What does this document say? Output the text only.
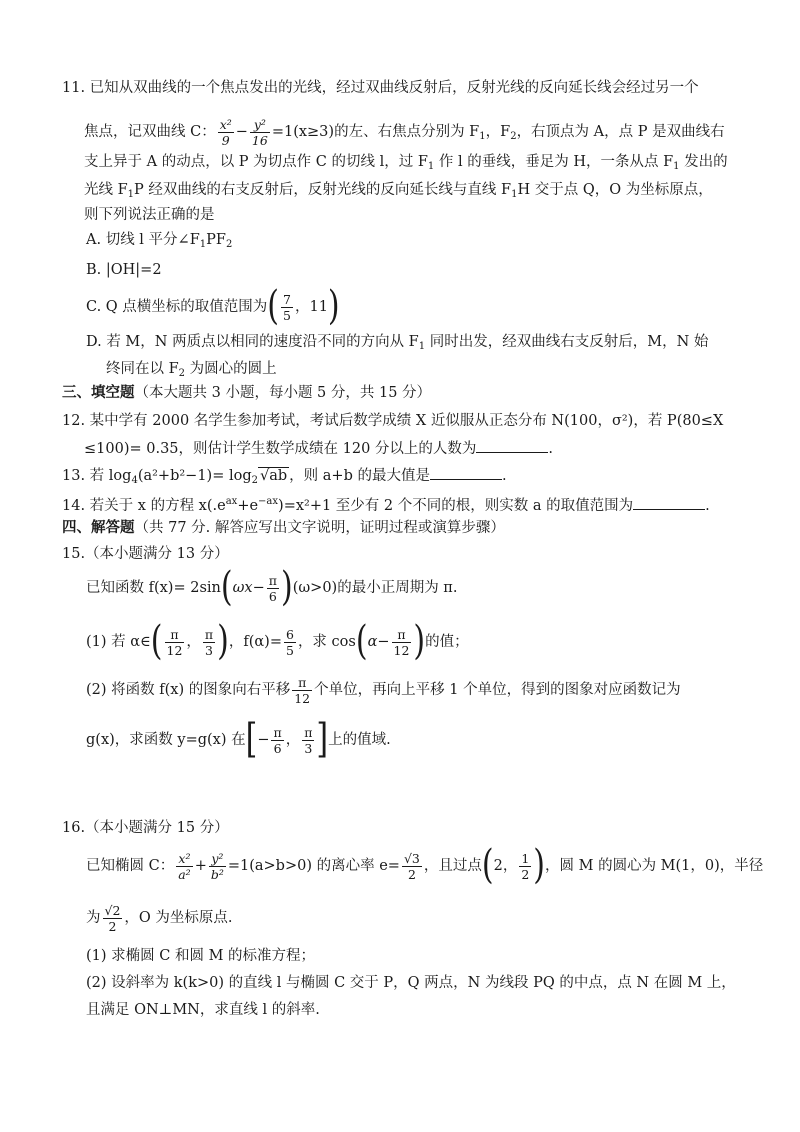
11. 已知从双曲线的一个焦点发出的光线，经过双曲线反射后，反射光线的反向延长线会经过另一个
焦点，记双曲线 C： $\frac{\text{x²}}{9} - \frac{\text{y²}}{16} =1(x\ge 3)$的左、右焦点分别为 $F_1$，$F_2$，右顶点为 A，点 P 是双曲线右
支上异于 A 的动点，以 P 为切点作 C 的切线 l，过 $F_1$ 作 l 的垂线，垂足为 H，一条从点 $F_1$ 发出的
光线 $F_1P$ 经双曲线的右支反射后，反射光线的反向延长线与直线 $F_1H$ 交于点 Q，O 为坐标原点，
则下列说法正确的是
A. 切线 l 平分$\angle F_1PF_2$
B. |OH|=2
C. Q 点横坐标的取值范围为( $\frac{7}{5}$ ，11)
D. 若 M，N 两质点以相同的速度沿不同的方向从 $F_1$ 同时出发，经双曲线右支反射后，M，N 始
终同在以 $F_2$ 为圆心的圆上
三、填空题（本大题共 3 小题，每小题 5 分，共 15 分）
12. 某中学有 2000 名学生参加考试，考试后数学成绩 X 近似服从正态分布 N(100，σ²)，若 P(80≤X
≤100)= 0.35，则估计学生数学成绩在 120 分以上的人数为	.
13. 若 $\log_4(a^2+b^2-1)= \log_2 √ab$ ，则 a+b 的最大值是	.
14. 若关于 x 的方程 $x(.e^{ax}+e^{-ax})=x^2+1$ 至少有 2 个不同的根，则实数 a 的取值范围为	.
四、解答题（共 77 分. 解答应写出文字说明，证明过程或演算步骤）
15.（本小题满分 13 分）
已知函数 $f(x)= 2\sin(\omega x- \frac{\pi}{6} )(\omega>0)$的最小正周期为 π.
(1) 若 α∈( $\frac{\pi}{12}$ ， $\frac{\pi}{3}$ )，$f(\alpha)= \frac{6}{5}$ ，求 $\cos(\alpha- \frac{\pi}{12}$ )的值；
(2) 将函数 f(x) 的图象向右平移 $\frac{\pi}{12}$ 个单位，再向上平移 1 个单位，得到的图象对应函数记为
g(x)，求函数 y=g(x) 在[− $\frac{\pi}{6}$ ， $\frac{\pi}{3}$ ]上的值域.
16.（本小题满分 15 分）
已知椭圆 C： $\frac{\text{x²}}{\text{a²}} + \frac{\text{y²}}{\text{b²}} =1(a>b>0)$ 的离心率 $e= \frac{√3}{2}$ ，且过点(2， $\frac{1}{2}$ )，圆 M 的圆心为 M(1，0)，半径
为 $\frac{√2}{2}$ ，O 为坐标原点.
(1) 求椭圆 C 和圆 M 的标准方程；
(2) 设斜率为 k(k>0) 的直线 l 与椭圆 C 交于 P，Q 两点，N 为线段 PQ 的中点，点 N 在圆 M 上，
且满足 ON⊥MN，求直线 l 的斜率.
